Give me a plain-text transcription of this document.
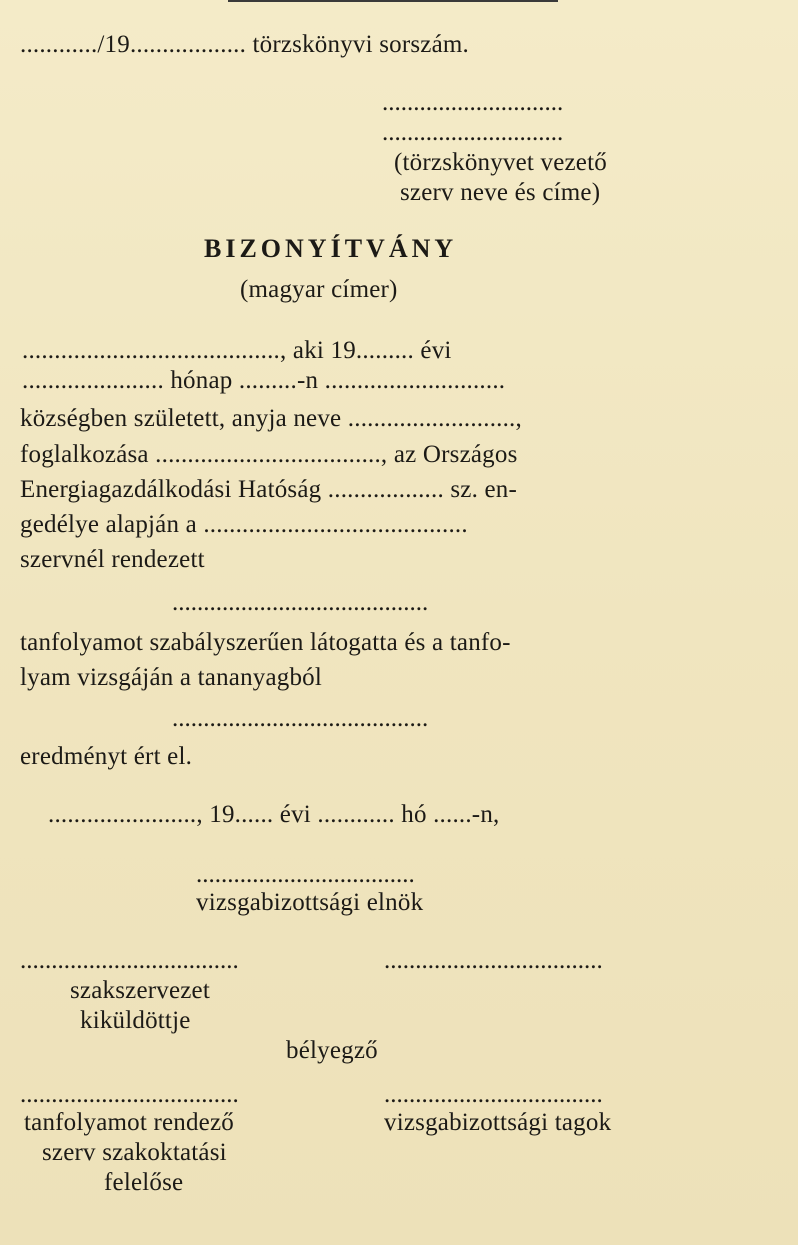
............/19.................. törzskönyvi sorszám.
.............................
.............................
(törzskönyvet vezető
szerv neve és címe)
BIZONYÍTVÁNY
(magyar címer)
........................................, aki 19......... évi
...................... hónap .........-n ............................
községben született, anyja neve ..........................,
foglalkozása ..................................., az Országos
Energiagazdálkodási Hatóság .................. sz. en-
gedélye alapján a .........................................
szervnél rendezett
.........................................
tanfolyamot szabályszerűen látogatta és a tanfo-
lyam vizsgáján a tananyagból
.........................................
eredményt ért el.
......................., 19...... évi ............ hó ......-n,
...................................
vizsgabizottsági elnök
...................................	...................................
szakszervezet
kiküldöttje
bélyegző
...................................	...................................
tanfolyamot rendező	vizsgabizottsági tagok
szerv szakoktatási
felelőse
